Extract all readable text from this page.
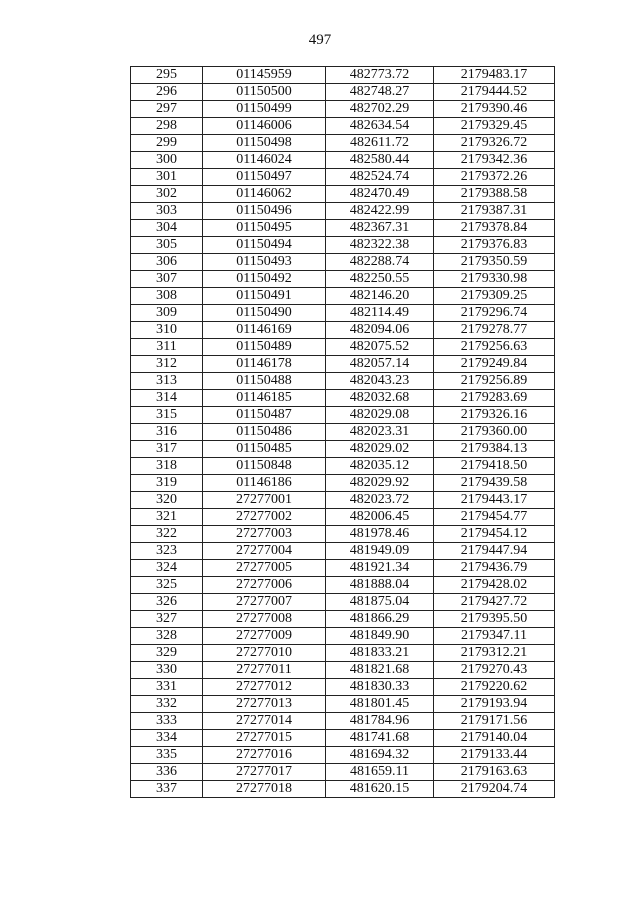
497
295	01145959	482773.72	2179483.17
296	01150500	482748.27	2179444.52
297	01150499	482702.29	2179390.46
298	01146006	482634.54	2179329.45
299	01150498	482611.72	2179326.72
300	01146024	482580.44	2179342.36
301	01150497	482524.74	2179372.26
302	01146062	482470.49	2179388.58
303	01150496	482422.99	2179387.31
304	01150495	482367.31	2179378.84
305	01150494	482322.38	2179376.83
306	01150493	482288.74	2179350.59
307	01150492	482250.55	2179330.98
308	01150491	482146.20	2179309.25
309	01150490	482114.49	2179296.74
310	01146169	482094.06	2179278.77
311	01150489	482075.52	2179256.63
312	01146178	482057.14	2179249.84
313	01150488	482043.23	2179256.89
314	01146185	482032.68	2179283.69
315	01150487	482029.08	2179326.16
316	01150486	482023.31	2179360.00
317	01150485	482029.02	2179384.13
318	01150848	482035.12	2179418.50
319	01146186	482029.92	2179439.58
320	27277001	482023.72	2179443.17
321	27277002	482006.45	2179454.77
322	27277003	481978.46	2179454.12
323	27277004	481949.09	2179447.94
324	27277005	481921.34	2179436.79
325	27277006	481888.04	2179428.02
326	27277007	481875.04	2179427.72
327	27277008	481866.29	2179395.50
328	27277009	481849.90	2179347.11
329	27277010	481833.21	2179312.21
330	27277011	481821.68	2179270.43
331	27277012	481830.33	2179220.62
332	27277013	481801.45	2179193.94
333	27277014	481784.96	2179171.56
334	27277015	481741.68	2179140.04
335	27277016	481694.32	2179133.44
336	27277017	481659.11	2179163.63
337	27277018	481620.15	2179204.74
